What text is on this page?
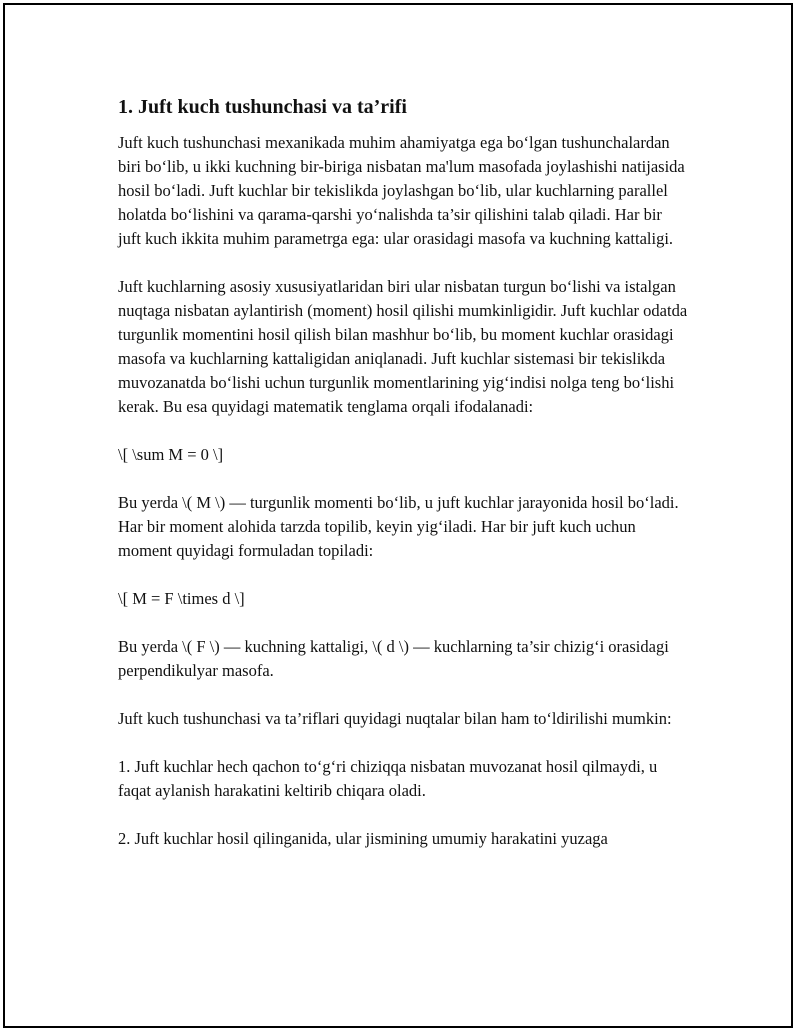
1. Juft kuch tushunchasi va ta’rifi

Juft kuch tushunchasi mexanikada muhim ahamiyatga ega bo‘lgan tushunchalardan biri bo‘lib, u ikki kuchning bir-biriga nisbatan ma'lum masofada joylashishi natijasida hosil bo‘ladi. Juft kuchlar bir tekislikda joylashgan bo‘lib, ular kuchlarning parallel holatda bo‘lishini va qarama-qarshi yo‘nalishda ta’sir qilishini talab qiladi. Har bir juft kuch ikkita muhim parametrga ega: ular orasidagi masofa va kuchning kattaligi.

Juft kuchlarning asosiy xususiyatlaridan biri ular nisbatan turgun bo‘lishi va istalgan nuqtaga nisbatan aylantirish (moment) hosil qilishi mumkinligidir. Juft kuchlar odatda turgunlik momentini hosil qilish bilan mashhur bo‘lib, bu moment kuchlar orasidagi masofa va kuchlarning kattaligidan aniqlanadi. Juft kuchlar sistemasi bir tekislikda muvozanatda bo‘lishi uchun turgunlik momentlarining yig‘indisi nolga teng bo‘lishi kerak. Bu esa quyidagi matematik tenglama orqali ifodalanadi:

\[ \sum M = 0 \]

Bu yerda \( M \) — turgunlik momenti bo‘lib, u juft kuchlar jarayonida hosil bo‘ladi. Har bir moment alohida tarzda topilib, keyin yig‘iladi. Har bir juft kuch uchun moment quyidagi formuladan topiladi:

\[ M = F \times d \]

Bu yerda \( F \) — kuchning kattaligi, \( d \) — kuchlarning ta’sir chizig‘i orasidagi perpendikulyar masofa.

Juft kuch tushunchasi va ta’riflari quyidagi nuqtalar bilan ham to‘ldirilishi mumkin:

1. Juft kuchlar hech qachon to‘g‘ri chiziqqa nisbatan muvozanat hosil qilmaydi, u faqat aylanish harakatini keltirib chiqara oladi.

2. Juft kuchlar hosil qilinganida, ular jismining umumiy harakatini yuzaga
